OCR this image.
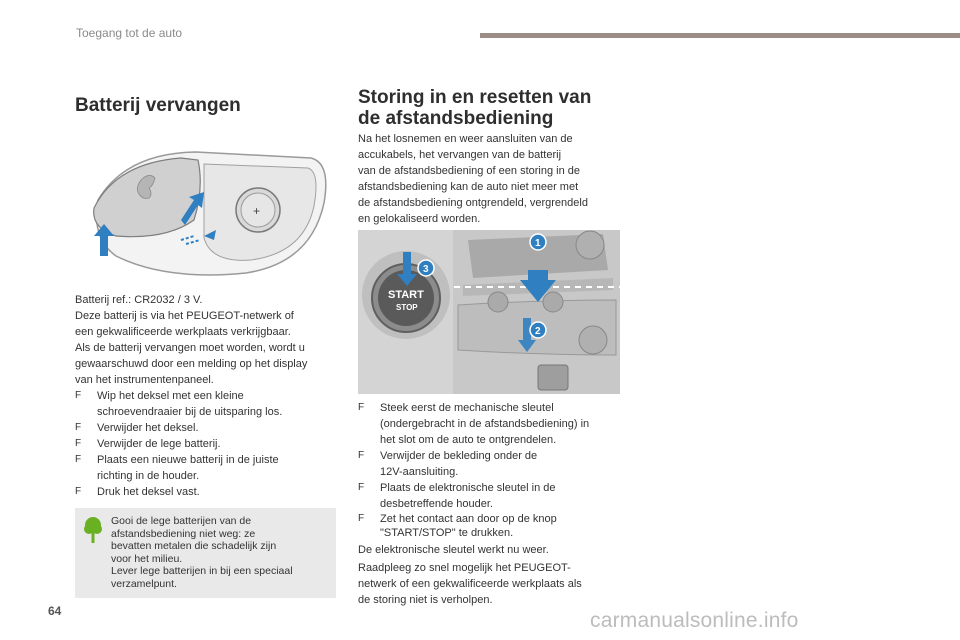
Toegang tot de auto
Batterij vervangen
+
Batterij ref.: CR2032 / 3 V.
Deze batterij is via het PEUGEOT-netwerk of
een gekwalificeerde werkplaats verkrijgbaar.
Als de batterij vervangen moet worden, wordt u
gewaarschuwd door een melding op het display
van het instrumentenpaneel.
F Wip het deksel met een kleine
schroevendraaier bij de uitsparing los.
F Verwijder het deksel.
F Verwijder de lege batterij.
F Plaats een nieuwe batterij in de juiste
richting in de houder.
F Druk het deksel vast.
Gooi de lege batterijen van de
afstandsbediening niet weg: ze
bevatten metalen die schadelijk zijn
voor het milieu.
Lever lege batterijen in bij een speciaal
verzamelpunt.
Storing in en resetten van
de afstandsbediening
Na het losnemen en weer aansluiten van de
accukabels, het vervangen van de batterij
van de afstandsbediening of een storing in de
afstandsbediening kan de auto niet meer met
de afstandsbediening ontgrendeld, vergrendeld
en gelokaliseerd worden.
START
STOP
3
1
2
F Steek eerst de mechanische sleutel
(ondergebracht in de afstandsbediening) in
het slot om de auto te ontgrendelen.
F Verwijder de bekleding onder de
12V-aansluiting.
F Plaats de elektronische sleutel in de
desbetreffende houder.
F Zet het contact aan door op de knop
"START/STOP" te drukken.
De elektronische sleutel werkt nu weer.
Raadpleeg zo snel mogelijk het PEUGEOT-
netwerk of een gekwalificeerde werkplaats als
de storing niet is verholpen.
64	carmanualsonline.info
